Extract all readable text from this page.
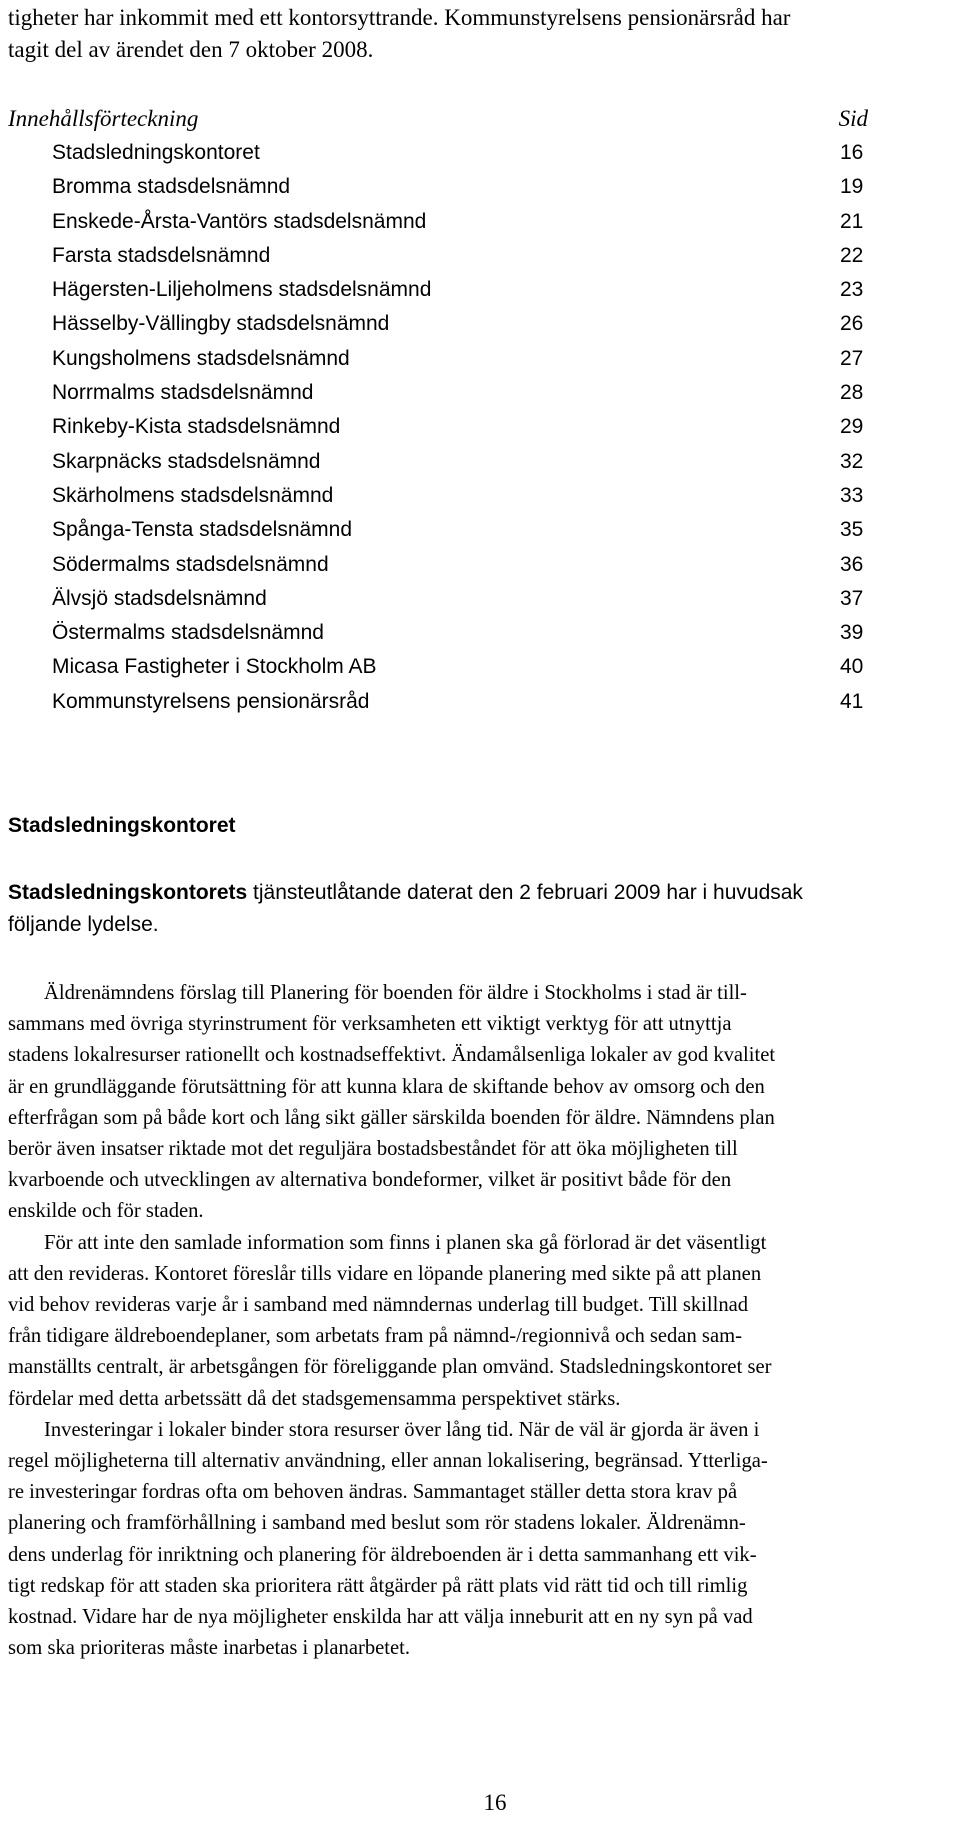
tigheter har inkommit med ett kontorsyttrande. Kommunstyrelsens pensionärsråd har
tagit del av ärendet den 7 oktober 2008.
Innehållsförteckning	Sid
Stadsledningskontoret	16
Bromma stadsdelsnämnd	19
Enskede-Årsta-Vantörs stadsdelsnämnd	21
Farsta stadsdelsnämnd	22
Hägersten-Liljeholmens stadsdelsnämnd	23
Hässelby-Vällingby stadsdelsnämnd	26
Kungsholmens stadsdelsnämnd	27
Norrmalms stadsdelsnämnd	28
Rinkeby-Kista stadsdelsnämnd	29
Skarpnäcks stadsdelsnämnd	32
Skärholmens stadsdelsnämnd	33
Spånga-Tensta stadsdelsnämnd	35
Södermalms stadsdelsnämnd	36
Älvsjö stadsdelsnämnd	37
Östermalms stadsdelsnämnd	39
Micasa Fastigheter i Stockholm AB	40
Kommunstyrelsens pensionärsråd	41
Stadsledningskontoret

Stadsledningskontorets tjänsteutlåtande daterat den 2 februari 2009 har i huvudsak
följande lydelse.

Äldrenämndens förslag till Planering för boenden för äldre i Stockholms i stad är till-
sammans med övriga styrinstrument för verksamheten ett viktigt verktyg för att utnyttja
stadens lokalresurser rationellt och kostnadseffektivt. Ändamålsenliga lokaler av god kvalitet
är en grundläggande förutsättning för att kunna klara de skiftande behov av omsorg och den
efterfrågan som på både kort och lång sikt gäller särskilda boenden för äldre. Nämndens plan
berör även insatser riktade mot det reguljära bostadsbeståndet för att öka möjligheten till
kvarboende och utvecklingen av alternativa bondeformer, vilket är positivt både för den
enskilde och för staden.
För att inte den samlade information som finns i planen ska gå förlorad är det väsentligt
att den revideras. Kontoret föreslår tills vidare en löpande planering med sikte på att planen
vid behov revideras varje år i samband med nämndernas underlag till budget. Till skillnad
från tidigare äldreboendeplaner, som arbetats fram på nämnd-/regionnivå och sedan sam-
manställts centralt, är arbetsgången för föreliggande plan omvänd. Stadsledningskontoret ser
fördelar med detta arbetssätt då det stadsgemensamma perspektivet stärks.
Investeringar i lokaler binder stora resurser över lång tid. När de väl är gjorda är även i
regel möjligheterna till alternativ användning, eller annan lokalisering, begränsad. Ytterliga-
re investeringar fordras ofta om behoven ändras. Sammantaget ställer detta stora krav på
planering och framförhållning i samband med beslut som rör stadens lokaler. Äldrenämn-
dens underlag för inriktning och planering för äldreboenden är i detta sammanhang ett vik-
tigt redskap för att staden ska prioritera rätt åtgärder på rätt plats vid rätt tid och till rimlig
kostnad. Vidare har de nya möjligheter enskilda har att välja inneburit att en ny syn på vad
som ska prioriteras måste inarbetas i planarbetet.
16
